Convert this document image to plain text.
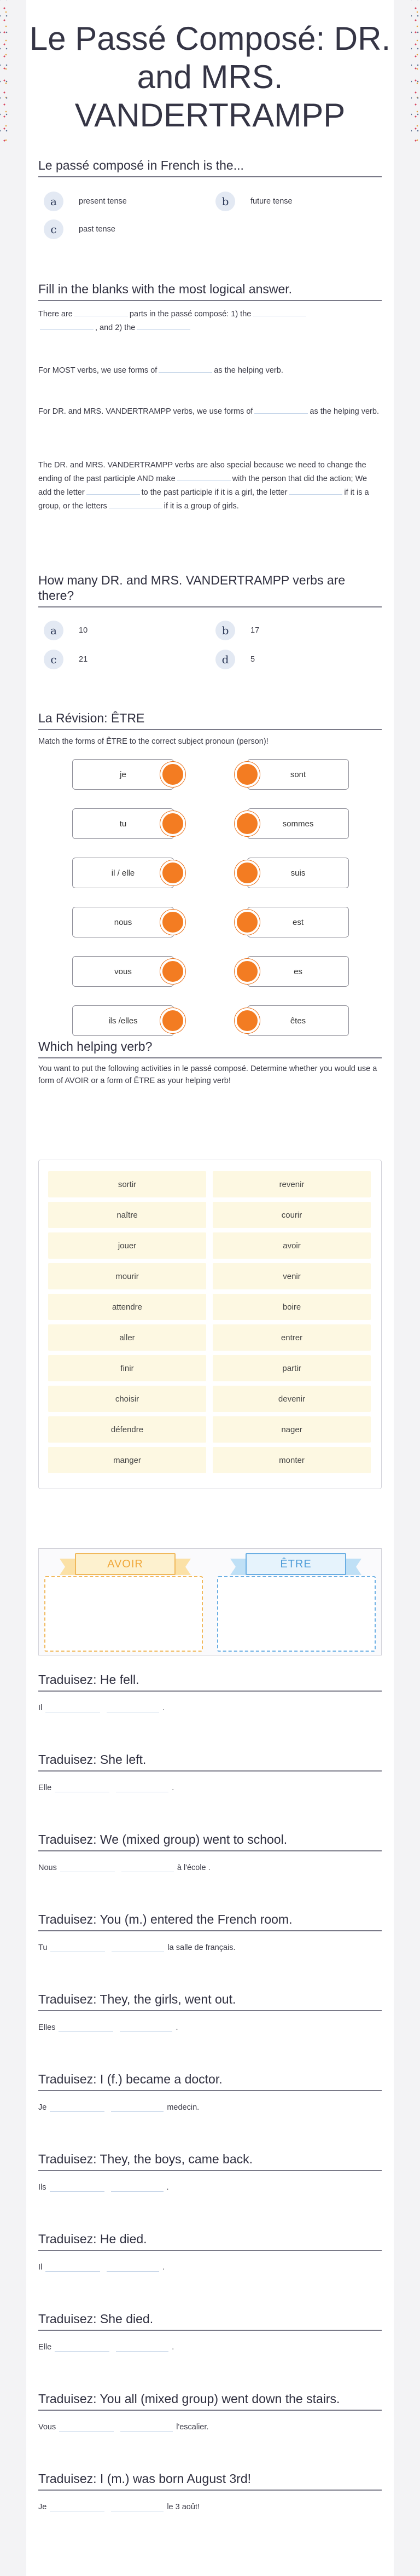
Le Passé Composé: DR. and MRS. VANDERTRAMPP
Le passé composé in French is the...
a	present tense	b	future tense
c	past tense
Fill in the blanks with the most logical answer.
There are	parts in the passé composé: 1) the
, and 2) the
For MOST verbs, we use forms of	as the helping verb.
For DR. and MRS. VANDERTRAMPP verbs, we use forms of	as the helping verb.
The DR. and MRS. VANDERTRAMPP verbs are also special because we need to change the ending of the past participle AND make	with the person that did the action; We add the letter	to the past participle if it is a girl, the letter	if it is a group, or the letters	if it is a group of girls.
How many DR. and MRS. VANDERTRAMPP verbs are there?
a	10	b	17
c	21	d	5
La Révision: ÊTRE
Match the forms of ÊTRE to the correct subject pronoun (person)!
Which helping verb?
You want to put the following activities in le passé composé. Determine whether you would use a form of AVOIR or a form of ÊTRE as your helping verb!
sortir	revenir
naître	courir
jouer	avoir
mourir	venir
attendre	boire
aller	entrer
finir	partir
choisir	devenir
défendre	nager
manger	monter
AVOIR	ÊTRE
je	sont
tu	sommes
il / elle	suis
nous	est
vous	es
ils /elles	êtes
Traduisez: He fell.
Il	.
Traduisez: She left.
Elle	.
Traduisez: We (mixed group) went to school.
Nous	à l'école .
Traduisez: You (m.) entered the French room.
Tu	la salle de français.
Traduisez: They, the girls, went out.
Elles	.
Traduisez: I (f.) became a doctor.
Je	medecin.
Traduisez: They, the boys, came back.
Ils	.
Traduisez: He died.
Il	.
Traduisez: She died.
Elle	.
Traduisez: You all (mixed group) went down the stairs.
Vous	l'escalier.
Traduisez: I (m.) was born August 3rd!
Je	le 3 août!
